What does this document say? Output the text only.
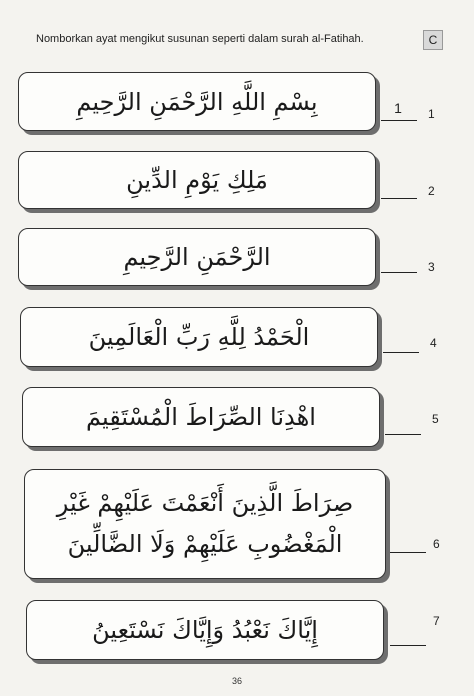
Nomborkan ayat mengikut susunan seperti dalam surah al-Fatihah.	C
بِسْمِ اللَّهِ الرَّحْمَنِ الرَّحِيمِ	1	1
مَلِكِ يَوْمِ الدِّينِ	2
الرَّحْمَنِ الرَّحِيمِ	3
الْحَمْدُ لِلَّهِ رَبِّ الْعَالَمِينَ	4
اهْدِنَا الصِّرَاطَ الْمُسْتَقِيمَ	5
صِرَاطَ الَّذِينَ أَنْعَمْتَ عَلَيْهِمْ غَيْرِ الْمَغْضُوبِ عَلَيْهِمْ وَلَا الضَّالِّينَ	6
إِيَّاكَ نَعْبُدُ وَإِيَّاكَ نَسْتَعِينُ	7
36
